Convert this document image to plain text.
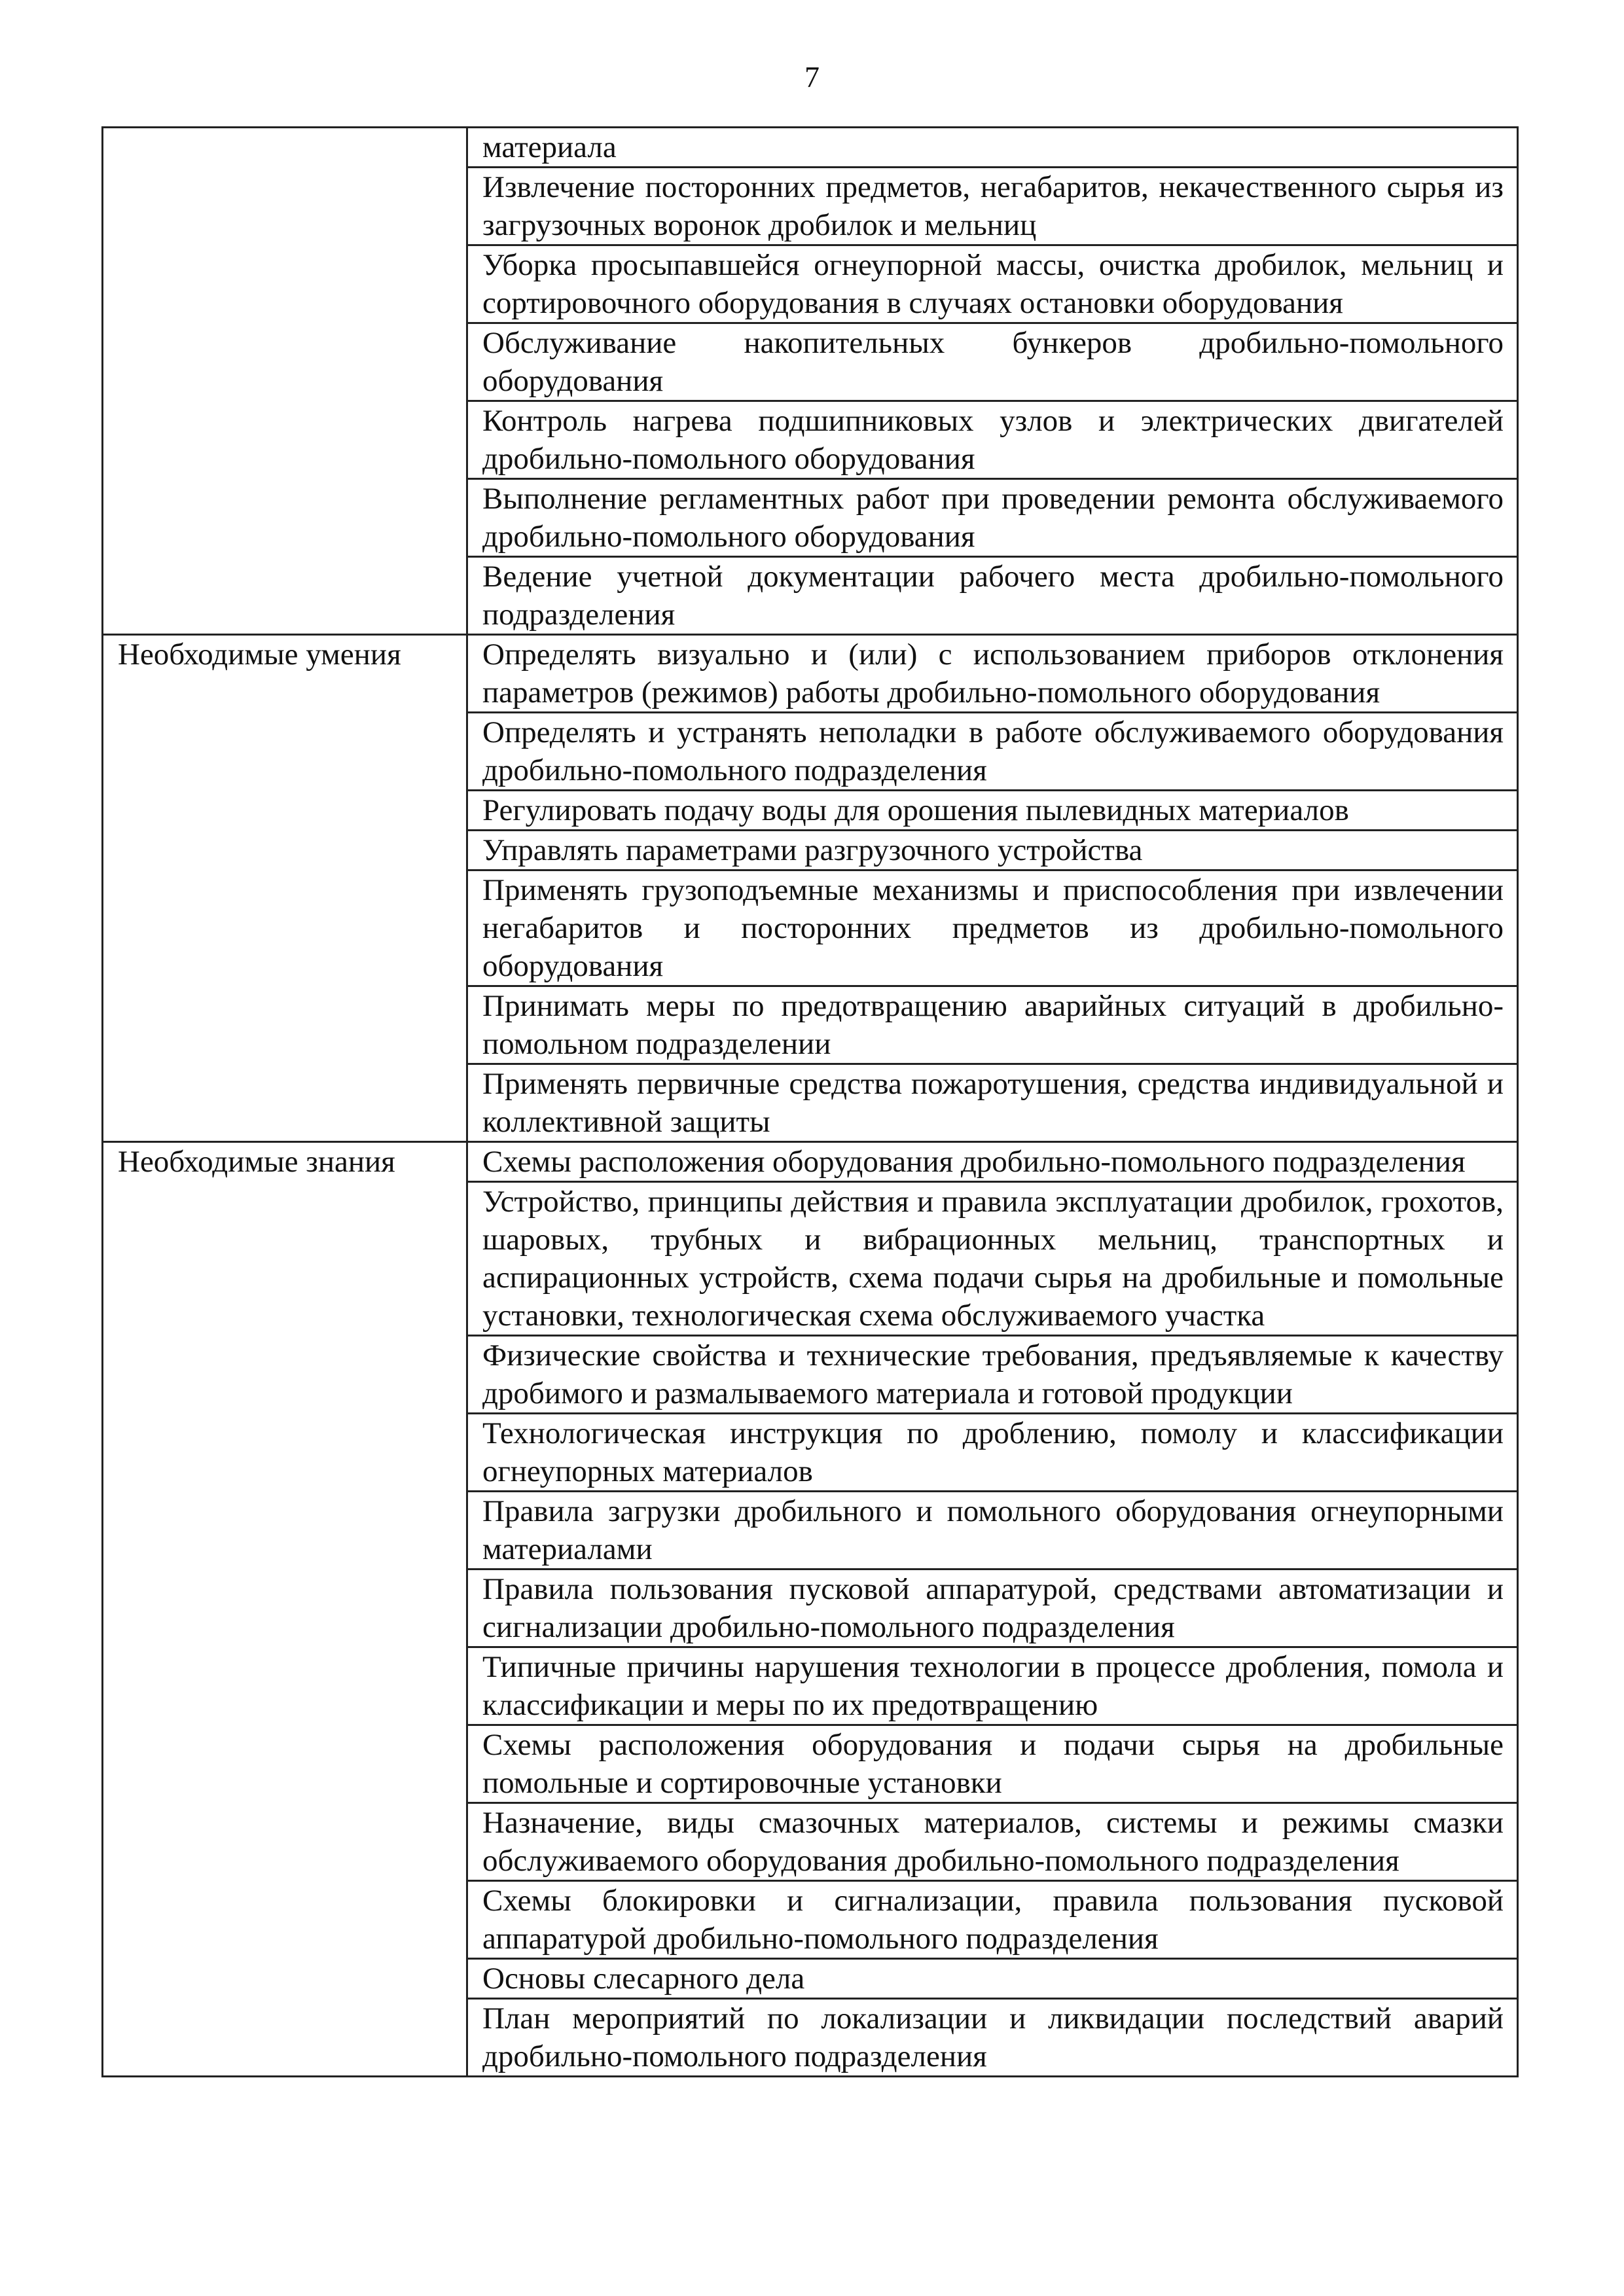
7
	материала
	Извлечение посторонних предметов, негабаритов, некачественного сырья из загрузочных воронок дробилок и мельниц
	Уборка просыпавшейся огнеупорной массы, очистка дробилок, мельниц и сортировочного оборудования в случаях остановки оборудования
	Обслуживание накопительных бункеров дробильно-помольного оборудования
	Контроль нагрева подшипниковых узлов и электрических двигателей дробильно-помольного оборудования
	Выполнение регламентных работ при проведении ремонта обслуживаемого дробильно-помольного оборудования
	Ведение учетной документации рабочего места дробильно-помольного подразделения
Необходимые умения	Определять визуально и (или) с использованием приборов отклонения параметров (режимов) работы дробильно-помольного оборудования
	Определять и устранять неполадки в работе обслуживаемого оборудования дробильно-помольного подразделения
	Регулировать подачу воды для орошения пылевидных материалов
	Управлять параметрами разгрузочного устройства
	Применять грузоподъемные механизмы и приспособления при извлечении негабаритов и посторонних предметов из дробильно-помольного оборудования
	Принимать меры по предотвращению аварийных ситуаций в дробильно-помольном подразделении
	Применять первичные средства пожаротушения, средства индивидуальной и коллективной защиты
Необходимые знания	Схемы расположения оборудования дробильно-помольного подразделения
	Устройство, принципы действия и правила эксплуатации дробилок, грохотов, шаровых, трубных и вибрационных мельниц, транспортных и аспирационных устройств, схема подачи сырья на дробильные и помольные установки, технологическая схема обслуживаемого участка
	Физические свойства и технические требования, предъявляемые к качеству дробимого и размалываемого материала и готовой продукции
	Технологическая инструкция по дроблению, помолу и классификации огнеупорных материалов
	Правила загрузки дробильного и помольного оборудования огнеупорными материалами
	Правила пользования пусковой аппаратурой, средствами автоматизации и сигнализации дробильно-помольного подразделения
	Типичные причины нарушения технологии в процессе дробления, помола и классификации и меры по их предотвращению
	Схемы расположения оборудования и подачи сырья на дробильные помольные и сортировочные установки
	Назначение, виды смазочных материалов, системы и режимы смазки обслуживаемого оборудования дробильно-помольного подразделения
	Схемы блокировки и сигнализации, правила пользования пусковой аппаратурой дробильно-помольного подразделения
	Основы слесарного дела
	План мероприятий по локализации и ликвидации последствий аварий дробильно-помольного подразделения
